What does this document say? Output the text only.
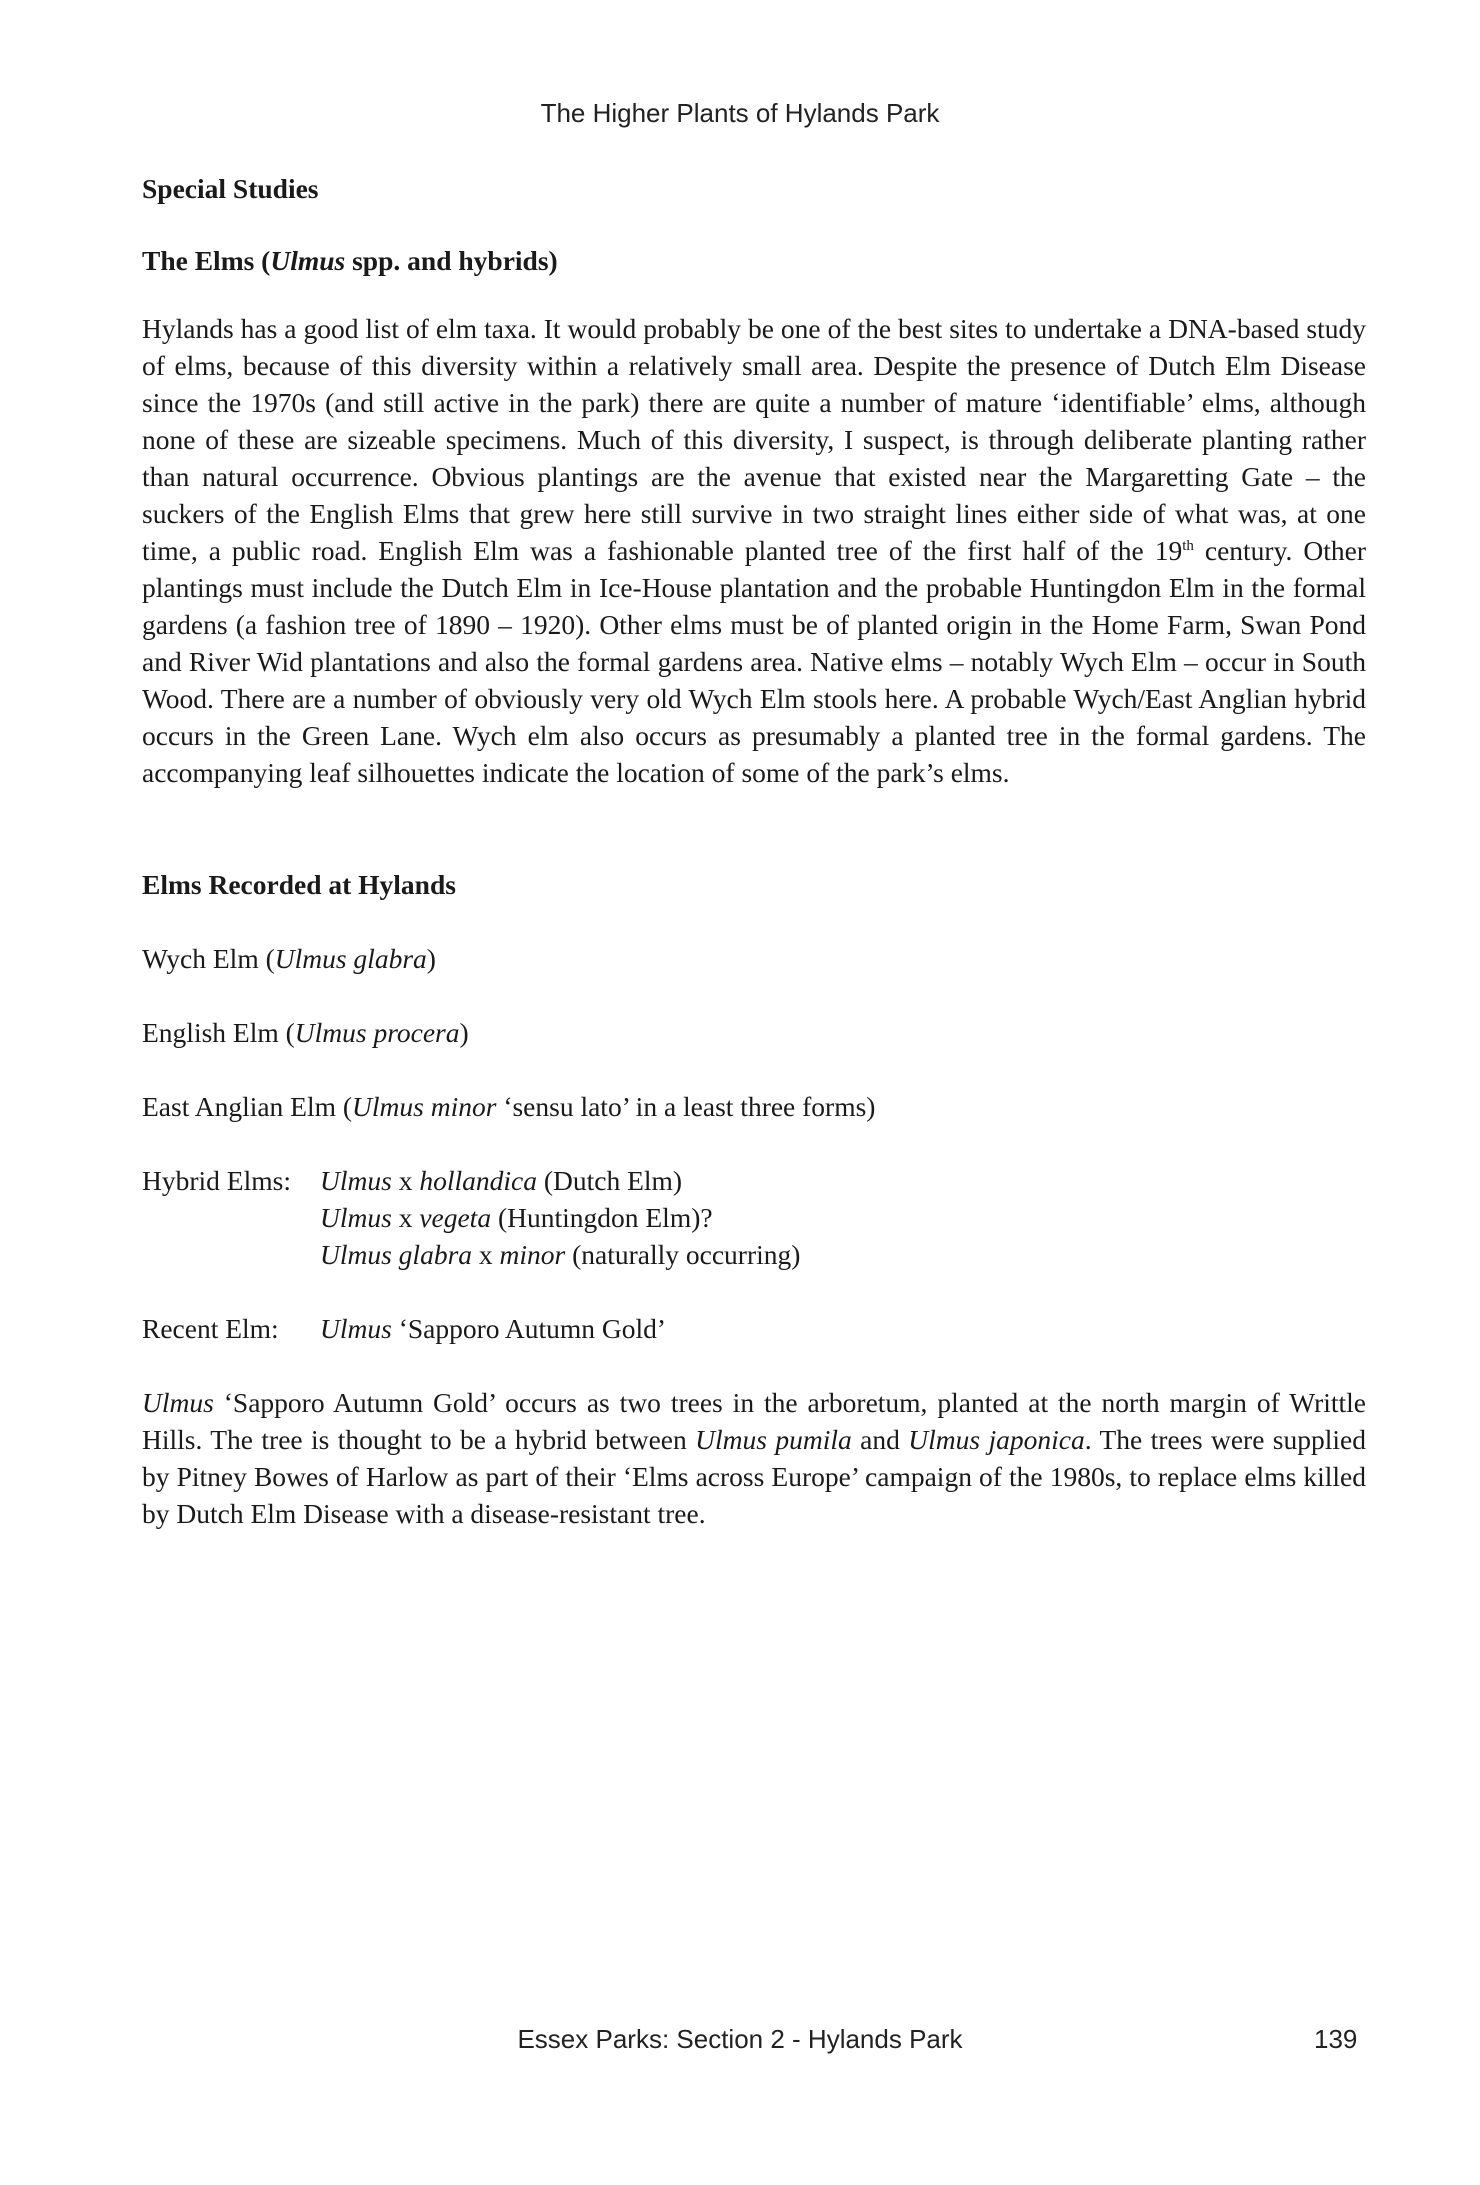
The Higher Plants of Hylands Park

Special Studies

The Elms (Ulmus spp. and hybrids)

Hylands has a good list of elm taxa. It would probably be one of the best sites to undertake a DNA-based study of elms, because of this diversity within a relatively small area. Despite the presence of Dutch Elm Disease since the 1970s (and still active in the park) there are quite a number of mature ‘identifiable’ elms, although none of these are sizeable specimens. Much of this diversity, I suspect, is through deliberate planting rather than natural occurrence. Obvious plantings are the avenue that existed near the Margaretting Gate – the suckers of the English Elms that grew here still survive in two straight lines either side of what was, at one time, a public road. English Elm was a fashionable planted tree of the first half of the 19th century. Other plantings must include the Dutch Elm in Ice-House plantation and the probable Huntingdon Elm in the formal gardens (a fashion tree of 1890 – 1920). Other elms must be of planted origin in the Home Farm, Swan Pond and River Wid plantations and also the formal gardens area. Native elms – notably Wych Elm – occur in South Wood. There are a number of obviously very old Wych Elm stools here. A probable Wych/East Anglian hybrid occurs in the Green Lane. Wych elm also occurs as presumably a planted tree in the formal gardens. The accompanying leaf silhouettes indicate the location of some of the park’s elms.

Elms Recorded at Hylands

Wych Elm (Ulmus glabra)

English Elm (Ulmus procera)

East Anglian Elm (Ulmus minor ‘sensu lato’ in a least three forms)

Hybrid Elms:	Ulmus x hollandica (Dutch Elm)
Ulmus x vegeta (Huntingdon Elm)?
Ulmus glabra x minor (naturally occurring)
Recent Elm:	Ulmus ‘Sapporo Autumn Gold’

Ulmus ‘Sapporo Autumn Gold’ occurs as two trees in the arboretum, planted at the north margin of Writtle Hills. The tree is thought to be a hybrid between Ulmus pumila and Ulmus japonica. The trees were supplied by Pitney Bowes of Harlow as part of their ‘Elms across Europe’ campaign of the 1980s, to replace elms killed by Dutch Elm Disease with a disease-resistant tree.

Essex Parks: Section 2 - Hylands Park	139
